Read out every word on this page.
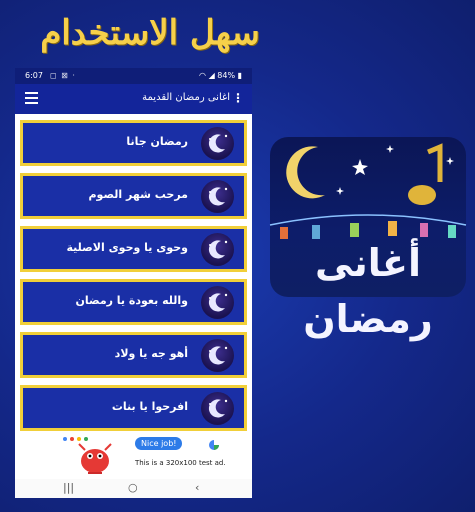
سهل الاستخدام
6:07 ◻ ⊠ ·	◠ ◢ 84% ▮
اغانى رمضان القديمة ⋮
رمضان جانا
مرحب شهر الصوم
وحوى يا وحوى الاصلية
والله بعودة يا رمضان
أهو جه يا ولاد
افرحوا يا بنات
Nice job!
This is a 320x100 test ad.
|||	○	‹
أغانى رمضان
